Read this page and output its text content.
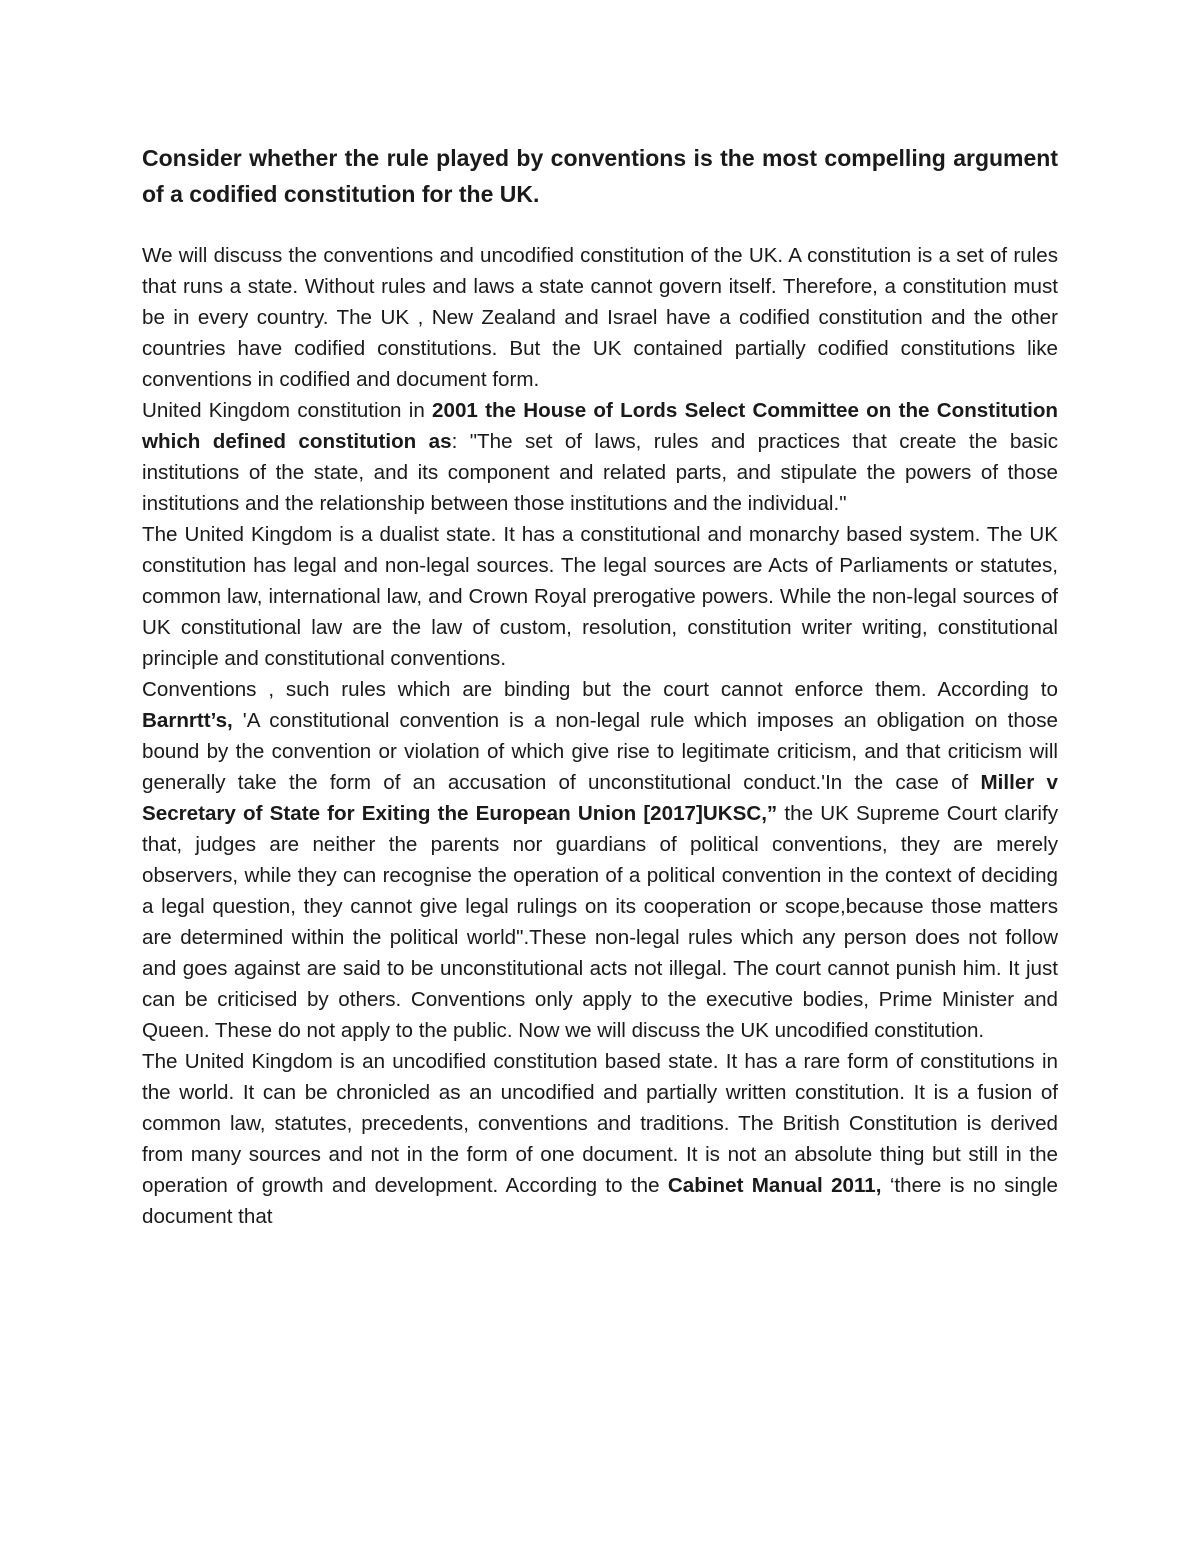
Consider whether the rule played by conventions is the most compelling argument of a codified constitution for the UK.

We will discuss the conventions and uncodified constitution of the UK. A constitution is a set of rules that runs a state. Without rules and laws a state cannot govern itself. Therefore, a constitution must be in every country. The UK , New Zealand and Israel have a codified constitution and the other countries have codified constitutions. But the UK contained partially codified constitutions like conventions in codified and document form.

United Kingdom constitution in 2001 the House of Lords Select Committee on the Constitution which defined constitution as: "The set of laws, rules and practices that create the basic institutions of the state, and its component and related parts, and stipulate the powers of those institutions and the relationship between those institutions and the individual."

The United Kingdom is a dualist state. It has a constitutional and monarchy based system. The UK constitution has legal and non-legal sources. The legal sources are Acts of Parliaments or statutes, common law, international law, and Crown Royal prerogative powers. While the non-legal sources of UK constitutional law are the law of custom, resolution, constitution writer writing, constitutional principle and constitutional conventions.

Conventions , such rules which are binding but the court cannot enforce them. According to Barnrtt’s, 'A constitutional convention is a non-legal rule which imposes an obligation on those bound by the convention or violation of which give rise to legitimate criticism, and that criticism will generally take the form of an accusation of unconstitutional conduct.'In the case of Miller v Secretary of State for Exiting the European Union [2017]UKSC,” the UK Supreme Court clarify that, judges are neither the parents nor guardians of political conventions, they are merely observers, while they can recognise the operation of a political convention in the context of deciding a legal question, they cannot give legal rulings on its cooperation or scope,because those matters are determined within the political world".These non-legal rules which any person does not follow and goes against are said to be unconstitutional acts not illegal. The court cannot punish him. It just can be criticised by others. Conventions only apply to the executive bodies, Prime Minister and Queen. These do not apply to the public. Now we will discuss the UK uncodified constitution.

The United Kingdom is an uncodified constitution based state. It has a rare form of constitutions in the world. It can be chronicled as an uncodified and partially written constitution. It is a fusion of common law, statutes, precedents, conventions and traditions. The British Constitution is derived from many sources and not in the form of one document. It is not an absolute thing but still in the operation of growth and development. According to the Cabinet Manual 2011, ‘there is no single document that
